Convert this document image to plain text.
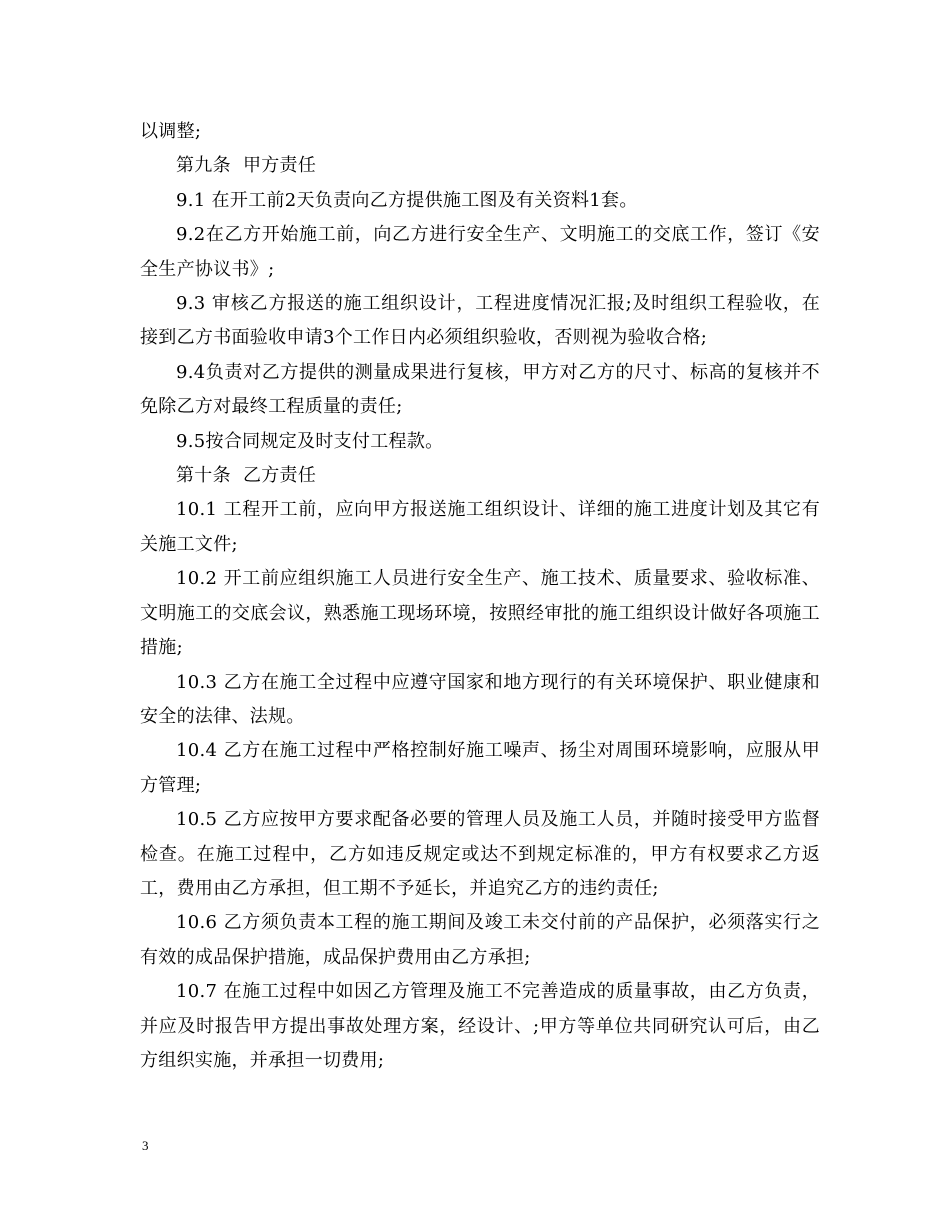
以调整;

第九条  甲方责任

9.1 在开工前2天负责向乙方提供施工图及有关资料1套。

9.2在乙方开始施工前，向乙方进行安全生产、文明施工的交底工作，签订《安全生产协议书》;

9.3 审核乙方报送的施工组织设计，工程进度情况汇报;及时组织工程验收，在接到乙方书面验收申请3个工作日内必须组织验收，否则视为验收合格;

9.4负责对乙方提供的测量成果进行复核，甲方对乙方的尺寸、标高的复核并不免除乙方对最终工程质量的责任;

9.5按合同规定及时支付工程款。

第十条  乙方责任

10.1 工程开工前，应向甲方报送施工组织设计、详细的施工进度计划及其它有关施工文件;

10.2 开工前应组织施工人员进行安全生产、施工技术、质量要求、验收标准、文明施工的交底会议，熟悉施工现场环境，按照经审批的施工组织设计做好各项施工措施;

10.3 乙方在施工全过程中应遵守国家和地方现行的有关环境保护、职业健康和安全的法律、法规。

10.4 乙方在施工过程中严格控制好施工噪声、扬尘对周围环境影响，应服从甲方管理;

10.5 乙方应按甲方要求配备必要的管理人员及施工人员，并随时接受甲方监督检查。在施工过程中，乙方如违反规定或达不到规定标准的，甲方有权要求乙方返工，费用由乙方承担，但工期不予延长，并追究乙方的违约责任;

10.6 乙方须负责本工程的施工期间及竣工未交付前的产品保护，必须落实行之有效的成品保护措施，成品保护费用由乙方承担;

10.7 在施工过程中如因乙方管理及施工不完善造成的质量事故，由乙方负责，并应及时报告甲方提出事故处理方案，经设计、;甲方等单位共同研究认可后，由乙方组织实施，并承担一切费用;

3
